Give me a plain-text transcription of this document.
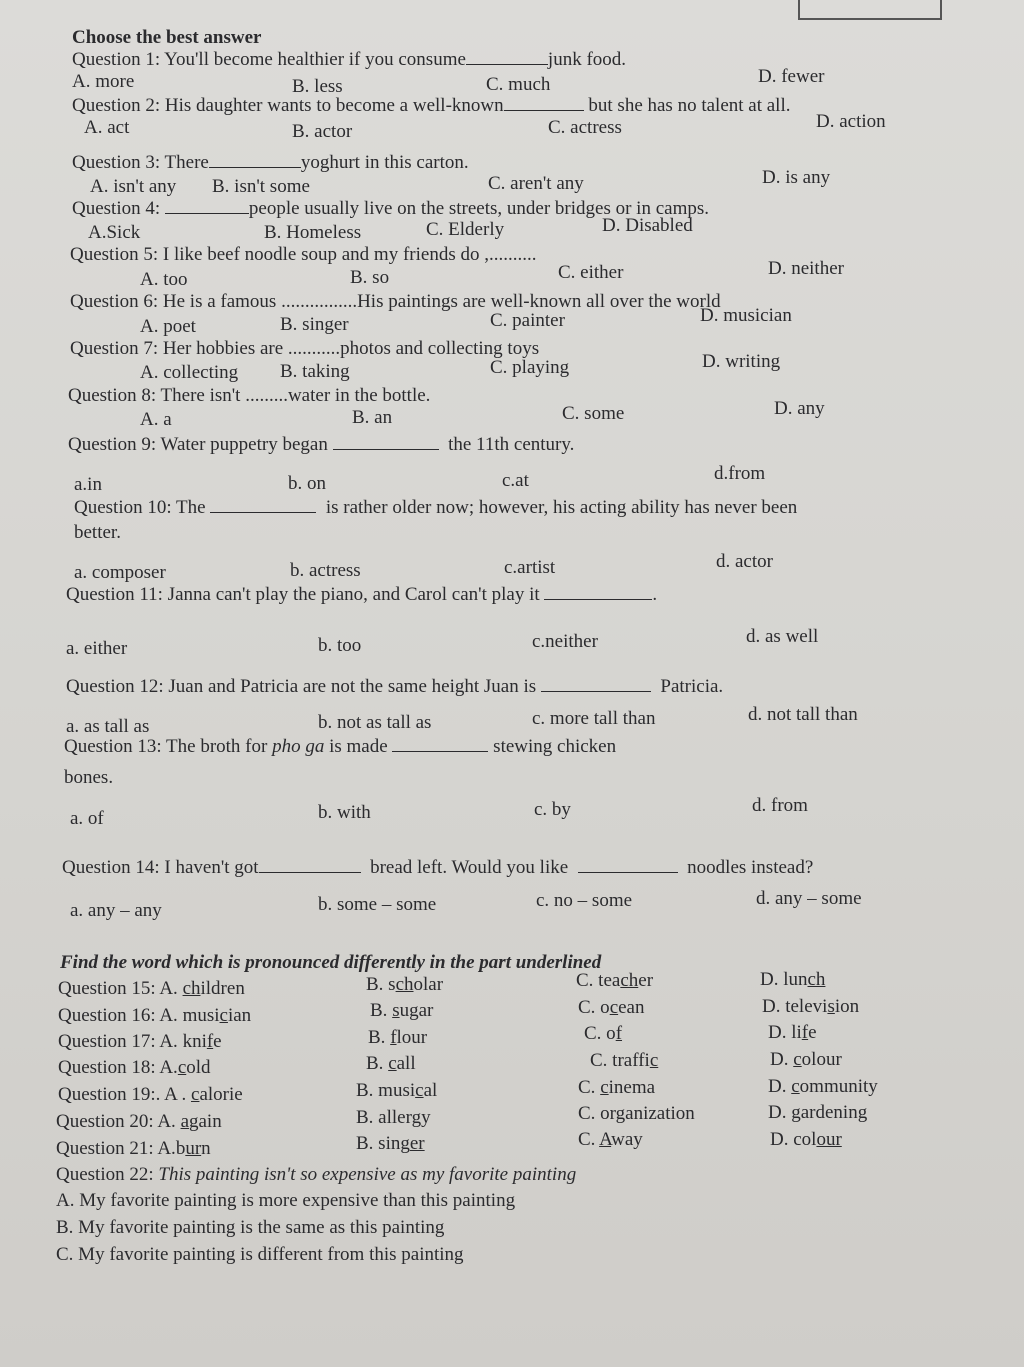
Choose the best answer
Question 1: You'll become healthier if you consume	junk food.
A. more	B. less	C. much	D. fewer
Question 2: His daughter wants to become a well-known	but she has no talent at all.
A. act	B. actor	C. actress	D. action
Question 3: There	yoghurt in this carton.
A. isn't any B. isn't some	C. aren't any	D. is any
Question 4:	people usually live on the streets, under bridges or in camps.
A.Sick	B. Homeless	C. Elderly	D. Disabled
Question 5: I like beef noodle soup and my friends do ,..........
A. too	B. so	C. either	D. neither
Question 6: He is a famous ................His paintings are well-known all over the world
A. poet	B. singer	C. painter	D. musician
Question 7: Her hobbies are ...........photos and collecting toys
A. collecting B. taking	C. playing	D. writing
Question 8: There isn't .........water in the bottle.
A. a	B. an	C. some	D. any
Question 9: Water puppetry began	the 11th century.
a.in	b. on	c.at	d.from
Question 10: The	is rather older now; however, his acting ability has never been
better.
a. composer	b. actress	c.artist	d. actor
Question 11: Janna can't play the piano, and Carol can't play it	.
a. either	b. too	c.neither	d. as well
Question 12: Juan and Patricia are not the same height Juan is	Patricia.
a. as tall as	b. not as tall as	c. more tall than	d. not tall than
Question 13: The broth for pho ga is made	stewing chicken
bones.
a. of	b. with	c. by	d. from
Question 14: I haven't got	bread left. Would you like	noodles instead?
a. any – any	b. some – some	c. no – some	d. any – some
Find the word which is pronounced differently in the part underlined
Question 15: A. children	B. scholar	C. teacher	D. lunch
Question 16: A. musician	B. sugar	C. ocean	D. television
Question 17: A. knife	B. flour	C. of	D. life
Question 18: A.cold	B. call	C. traffic	D. colour
Question 19:. A . calorie	B. musical	C. cinema	D. community
Question 20: A. again	B. allergy	C. organization	D. gardening
Question 21: A.burn	B. singer	C. Away	D. colour
Question 22: This painting isn't so expensive as my favorite painting
A. My favorite painting is more expensive than this painting
B. My favorite painting is the same as this painting
C. My favorite painting is different from this painting
